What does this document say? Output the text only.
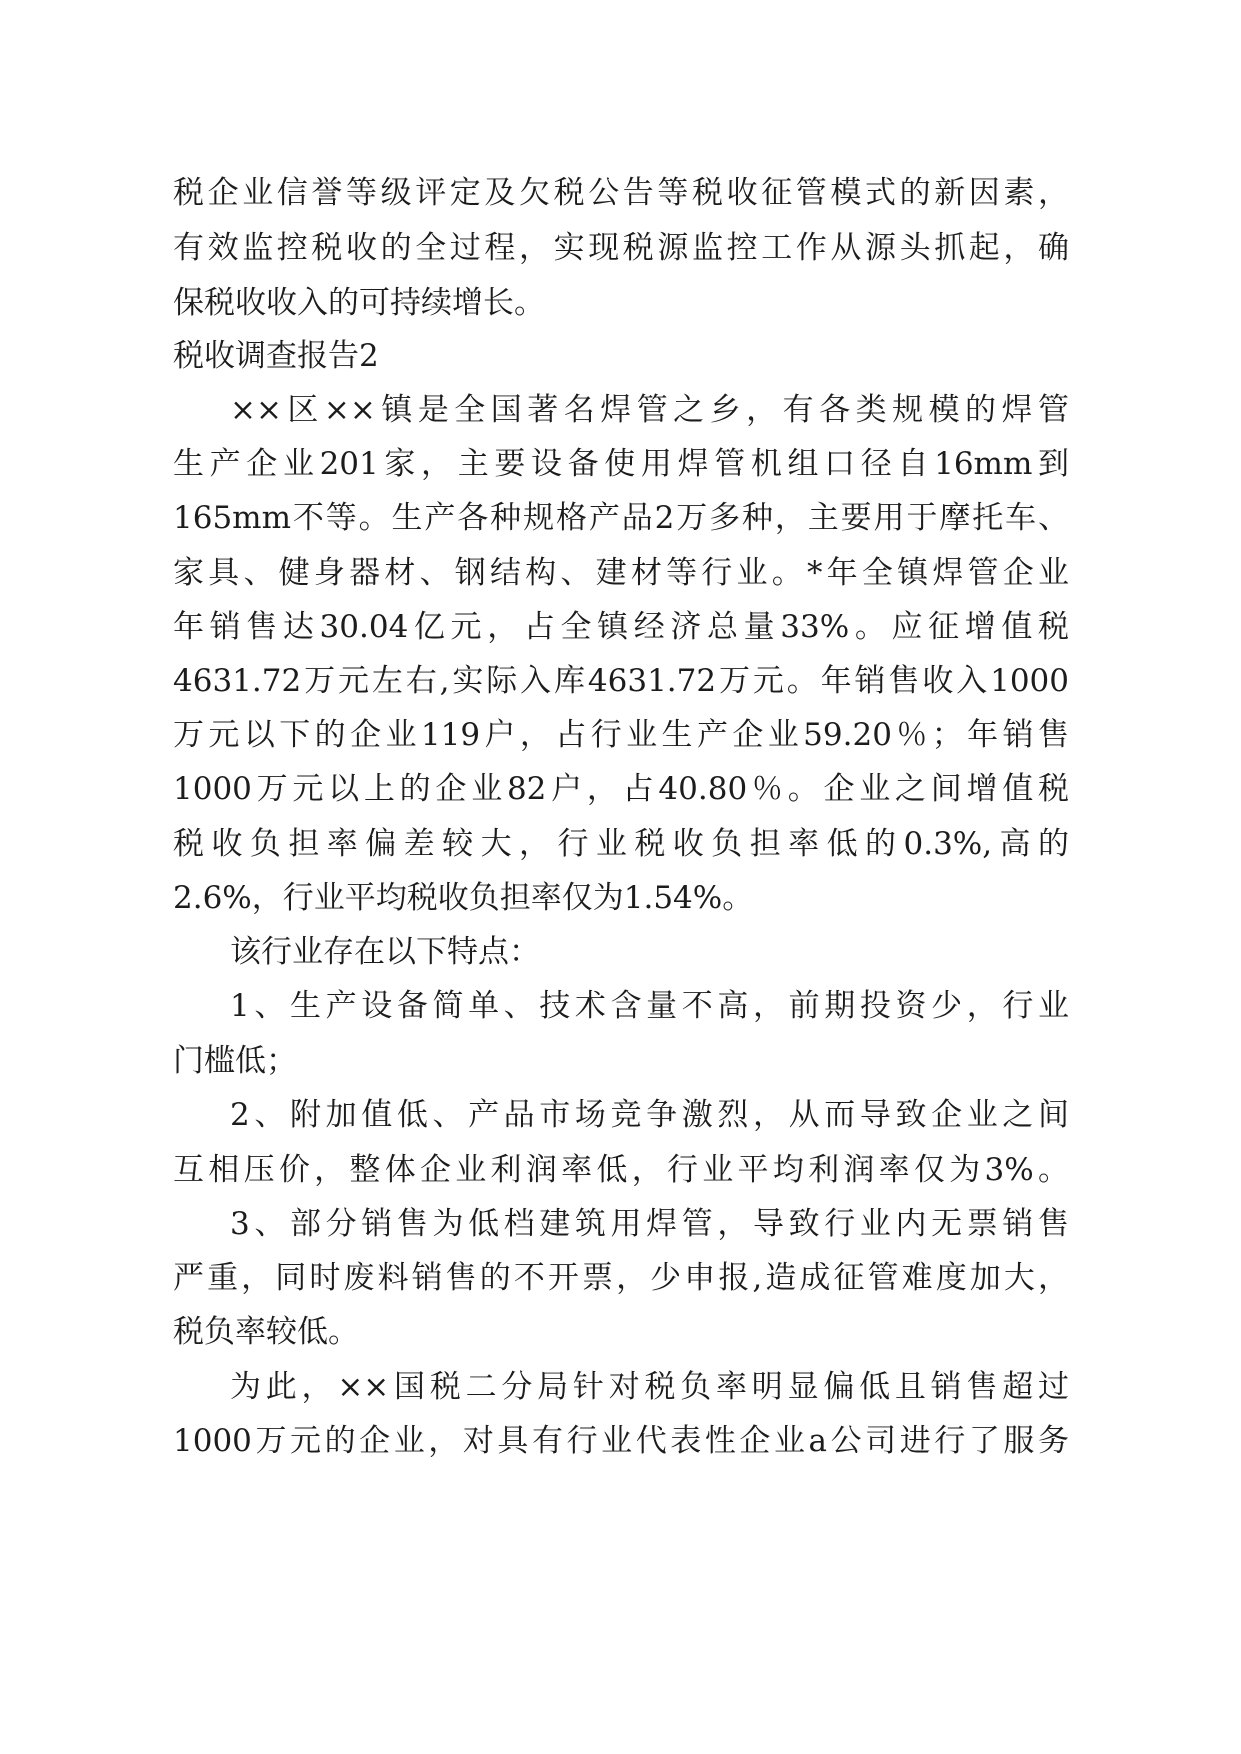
税企业信誉等级评定及欠税公告等税收征管模式的新因素，
有效监控税收的全过程，实现税源监控工作从源头抓起，确
保税收收入的可持续增长。
税收调查报告2
××区××镇是全国著名焊管之乡，有各类规模的焊管
生产企业201家，主要设备使用焊管机组口径自16mm到
165mm不等。生产各种规格产品2万多种，主要用于摩托车、
家具、健身器材、钢结构、建材等行业。*年全镇焊管企业
年销售达30.04亿元，占全镇经济总量33%。应征增值税
4631.72万元左右,实际入库4631.72万元。年销售收入1000
万元以下的企业119户，占行业生产企业59.20％；年销售
1000万元以上的企业82户，占40.80％。企业之间增值税
税收负担率偏差较大，行业税收负担率低的0.3%,高的
2.6%，行业平均税收负担率仅为1.54%。
该行业存在以下特点：
1、生产设备简单、技术含量不高，前期投资少，行业
门槛低；
2、附加值低、产品市场竞争激烈，从而导致企业之间
互相压价，整体企业利润率低，行业平均利润率仅为3%。
3、部分销售为低档建筑用焊管，导致行业内无票销售
严重，同时废料销售的不开票，少申报,造成征管难度加大，
税负率较低。
为此，××国税二分局针对税负率明显偏低且销售超过
1000万元的企业，对具有行业代表性企业a公司进行了服务
